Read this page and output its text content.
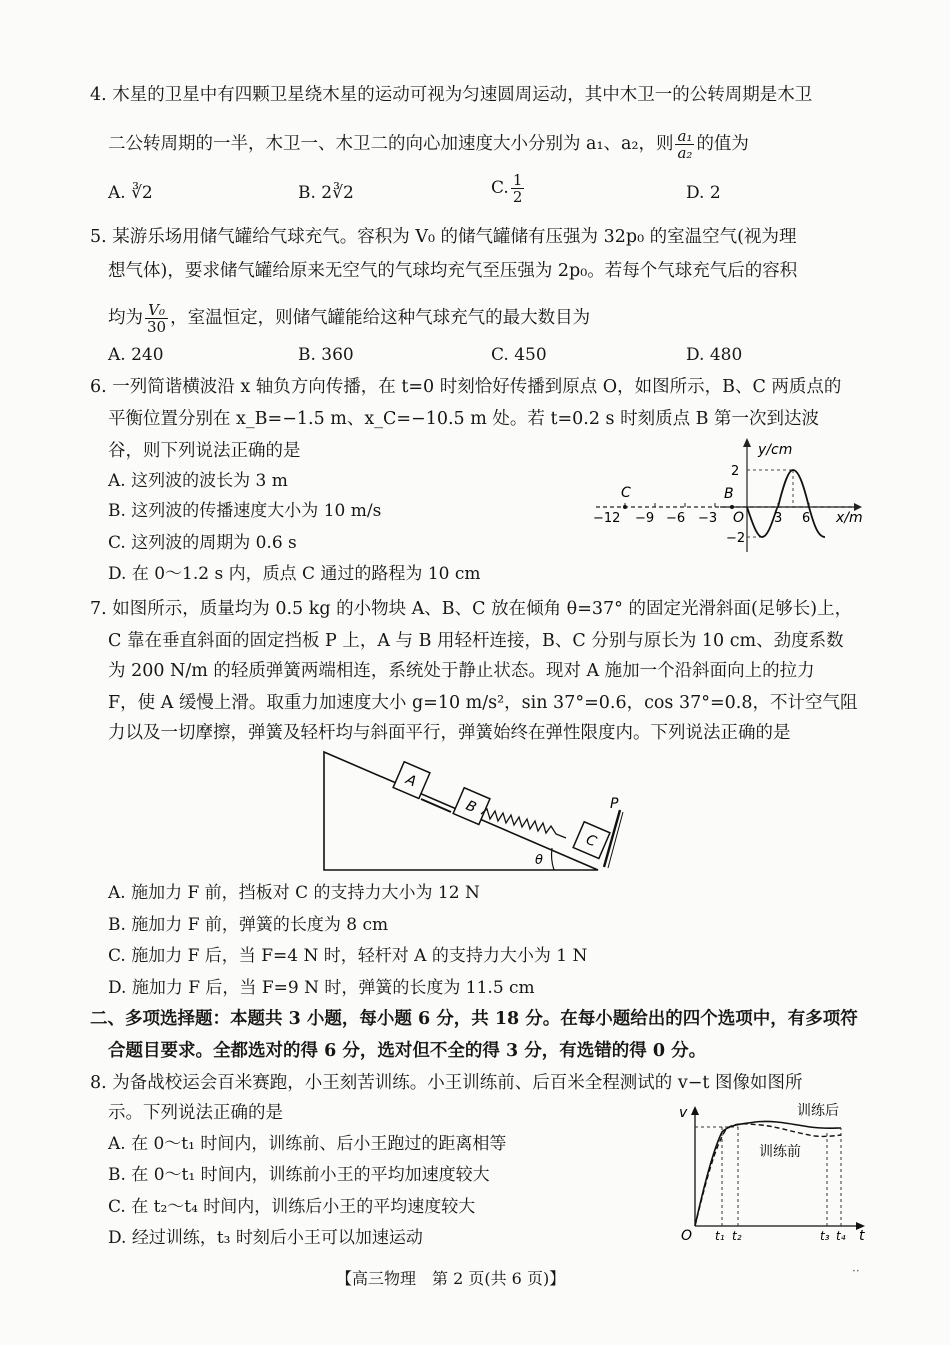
4. 木星的卫星中有四颗卫星绕木星的运动可视为匀速圆周运动，其中木卫一的公转周期是木卫
二公转周期的一半，木卫一、木卫二的向心加速度大小分别为 a₁、a₂，则 $\frac{\text{a₁}}{\text{a₂}}$ 的值为
A. ∛2	B. 2∛2	C. $\frac{1}{2}$	D. 2
5. 某游乐场用储气罐给气球充气。容积为 V₀ 的储气罐储有压强为 32p₀ 的室温空气(视为理
想气体)，要求储气罐给原来无空气的气球均充气至压强为 2p₀。若每个气球充气后的容积
均为 $\frac{\text{V₀}}{30}$ ，室温恒定，则储气罐能给这种气球充气的最大数目为
A. 240	B. 360	C. 450	D. 480
6. 一列简谐横波沿 x 轴负方向传播，在 t=0 时刻恰好传播到原点 O，如图所示，B、C 两质点的
平衡位置分别在 x_B=−1.5 m、x_C=−10.5 m 处。若 t=0.2 s 时刻质点 B 第一次到达波
谷，则下列说法正确的是
A. 这列波的波长为 3 m
B. 这列波的传播速度大小为 10 m/s
C. 这列波的周期为 0.6 s
D. 在 0～1.2 s 内，质点 C 通过的路程为 10 cm
y/cm
x/m
2
−2
O
B
C
−12 −9 −6 −3	3 6
7. 如图所示，质量均为 0.5 kg 的小物块 A、B、C 放在倾角 θ=37° 的固定光滑斜面(足够长)上，
C 靠在垂直斜面的固定挡板 P 上，A 与 B 用轻杆连接，B、C 分别与原长为 10 cm、劲度系数
为 200 N/m 的轻质弹簧两端相连，系统处于静止状态。现对 A 施加一个沿斜面向上的拉力
F，使 A 缓慢上滑。取重力加速度大小 g=10 m/s²，sin 37°=0.6，cos 37°=0.8，不计空气阻
力以及一切摩擦，弹簧及轻杆均与斜面平行，弹簧始终在弹性限度内。下列说法正确的是
θ
A
B
C
P
A. 施加力 F 前，挡板对 C 的支持力大小为 12 N
B. 施加力 F 前，弹簧的长度为 8 cm
C. 施加力 F 后，当 F=4 N 时，轻杆对 A 的支持力大小为 1 N
D. 施加力 F 后，当 F=9 N 时，弹簧的长度为 11.5 cm
二、多项选择题：本题共 3 小题，每小题 6 分，共 18 分。在每小题给出的四个选项中，有多项符
合题目要求。全都选对的得 6 分，选对但不全的得 3 分，有选错的得 0 分。
8. 为备战校运会百米赛跑，小王刻苦训练。小王训练前、后百米全程测试的 v−t 图像如图所
示。下列说法正确的是
A. 在 0～t₁ 时间内，训练前、后小王跑过的距离相等
B. 在 0～t₁ 时间内，训练前小王的平均加速度较大
C. 在 t₂～t₄ 时间内，训练后小王的平均速度较大
D. 经过训练，t₃ 时刻后小王可以加速运动
v
t
O
训练后
训练前
t₁ t₂	t₃ t₄
【高三物理　第 2 页(共 6 页)】	··
